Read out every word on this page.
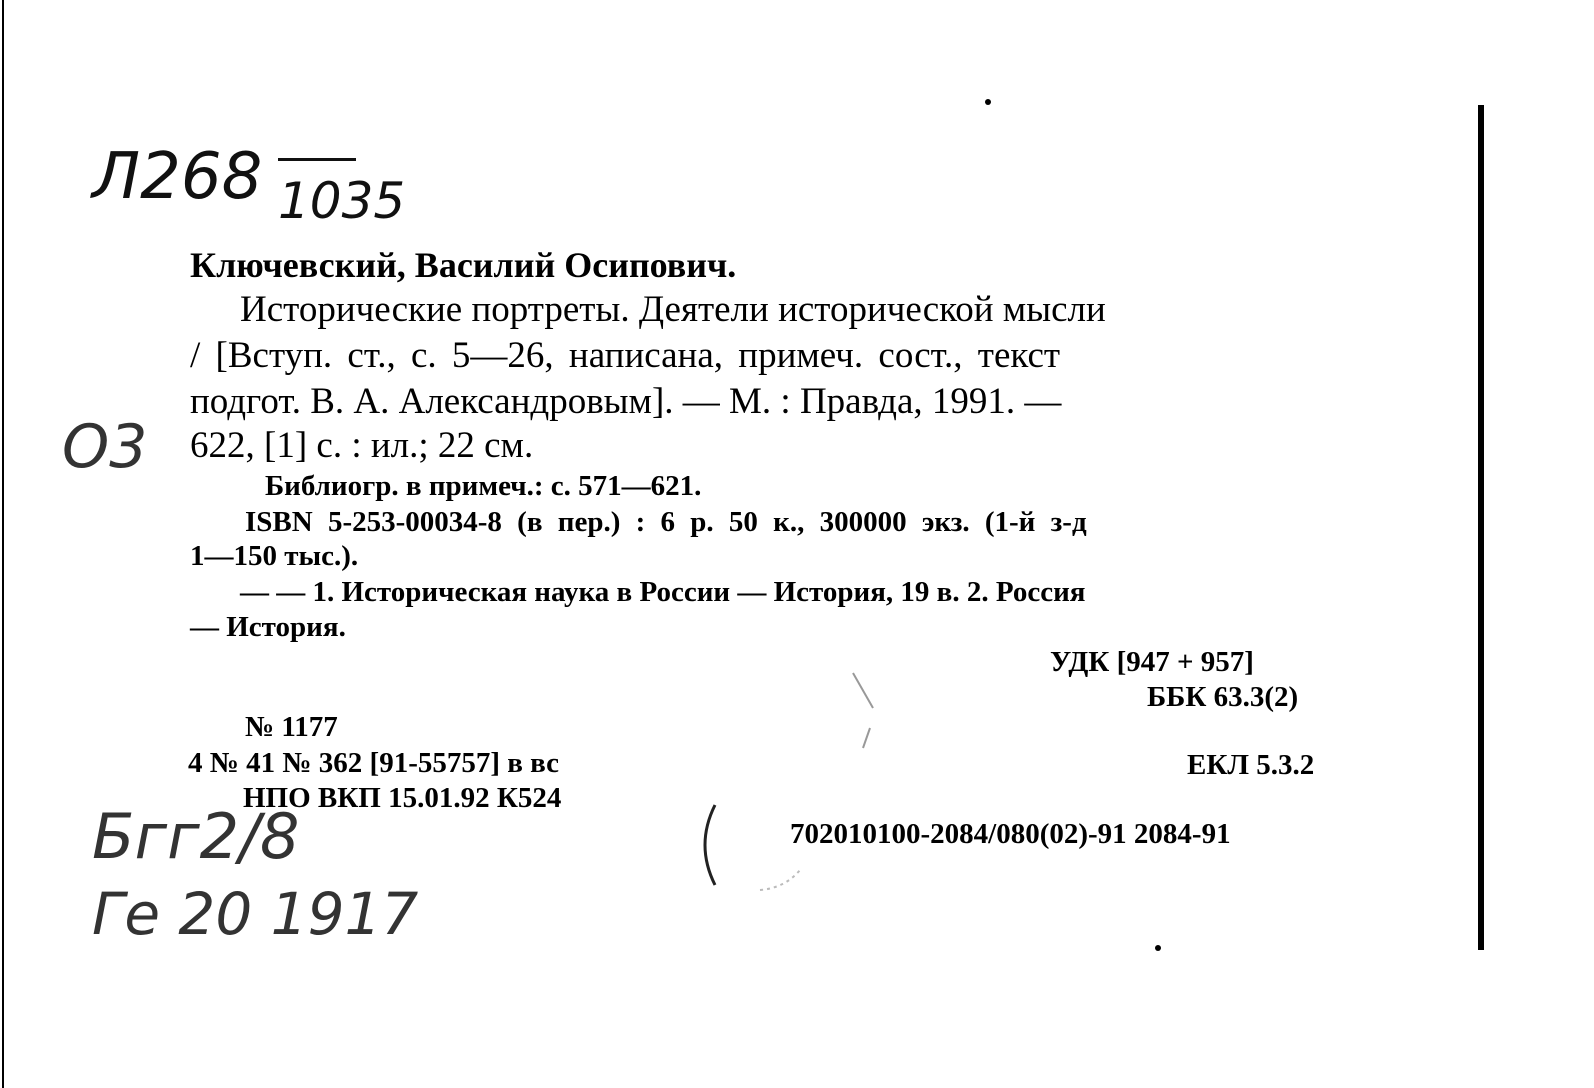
Л268 1035
О3
Бгг2/8
Ге 20 1917
Ключевский, Василий Осипович.
Исторические портреты. Деятели исторической мысли
/ [Вступ. ст., с. 5—26, написана, примеч. сост., текст
подгот. В. А. Александровым]. — М. : Правда, 1991. —
622, [1] с. : ил.; 22 см.
Библиогр. в примеч.: с. 571—621.
ISBN 5-253-00034-8 (в пер.) : 6 р. 50 к., 300000 экз. (1-й з-д
1—150 тыс.).
— — 1. Историческая наука в России — История, 19 в. 2. Россия
— История.
УДК [947 + 957]
ББК 63.3(2)
№ 1177
4 № 41 № 362 [91-55757] в вс	ЕКЛ 5.3.2
НПО ВКП 15.01.92 К524
702010100-2084/080(02)-91 2084-91
